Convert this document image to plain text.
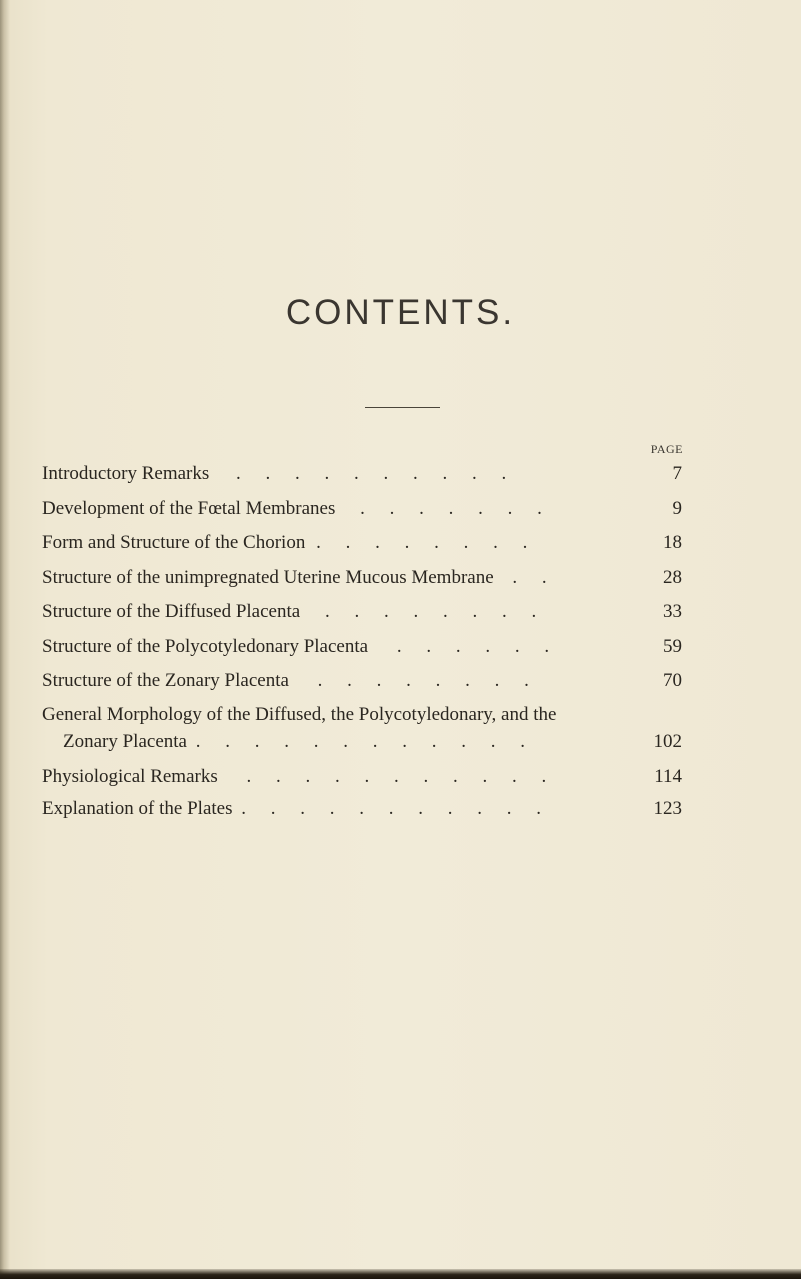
CONTENTS.
PAGE
Introductory Remarks . . . . . . . . . .	7
Development of the Fœtal Membranes . . . . . . .	9
Form and Structure of the Chorion . . . . . . . .	18
Structure of the unimpregnated Uterine Mucous Membrane . .	28
Structure of the Diffused Placenta . . . . . . . .	33
Structure of the Polycotyledonary Placenta . . . . . .	59
Structure of the Zonary Placenta . . . . . . . .	70
General Morphology of the Diffused, the Polycotyledonary, and the
Zonary Placenta . . . . . . . . . . . .	102
Physiological Remarks . . . . . . . . . . .	114
Explanation of the Plates . . . . . . . . . . .	123
